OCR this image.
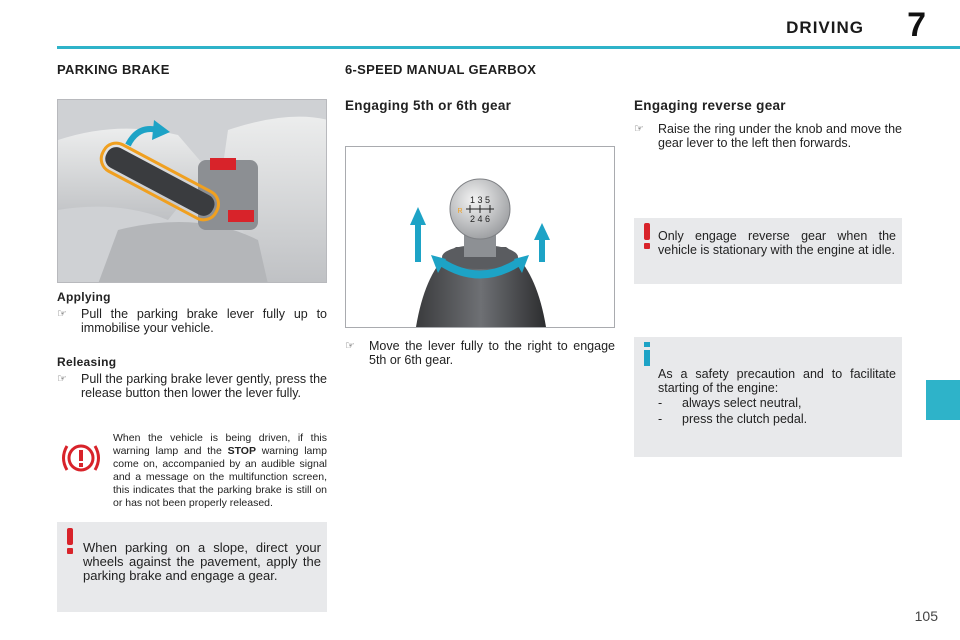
DRIVING 7
PARKING BRAKE
Applying
☞ Pull the parking brake lever fully up to immobilise your vehicle.
Releasing
☞ Pull the parking brake lever gently, press the release button then lower the lever fully.
When the vehicle is being driven, if this warning lamp and the STOP warning lamp come on, accompanied by an audible signal and a message on the multifunction screen, this indicates that the parking brake is still on or has not been properly released.
When parking on a slope, direct your wheels against the pavement, apply the parking brake and engage a gear.
6-SPEED MANUAL GEARBOX
Engaging 5th or 6th gear
1 3 5
2 4 6
R
☞ Move the lever fully to the right to engage 5th or 6th gear.
Engaging reverse gear
☞ Raise the ring under the knob and move the gear lever to the left then forwards.
Only engage reverse gear when the vehicle is stationary with the engine at idle.
As a safety precaution and to facilitate starting of the engine:
- always select neutral,
- press the clutch pedal.
105
